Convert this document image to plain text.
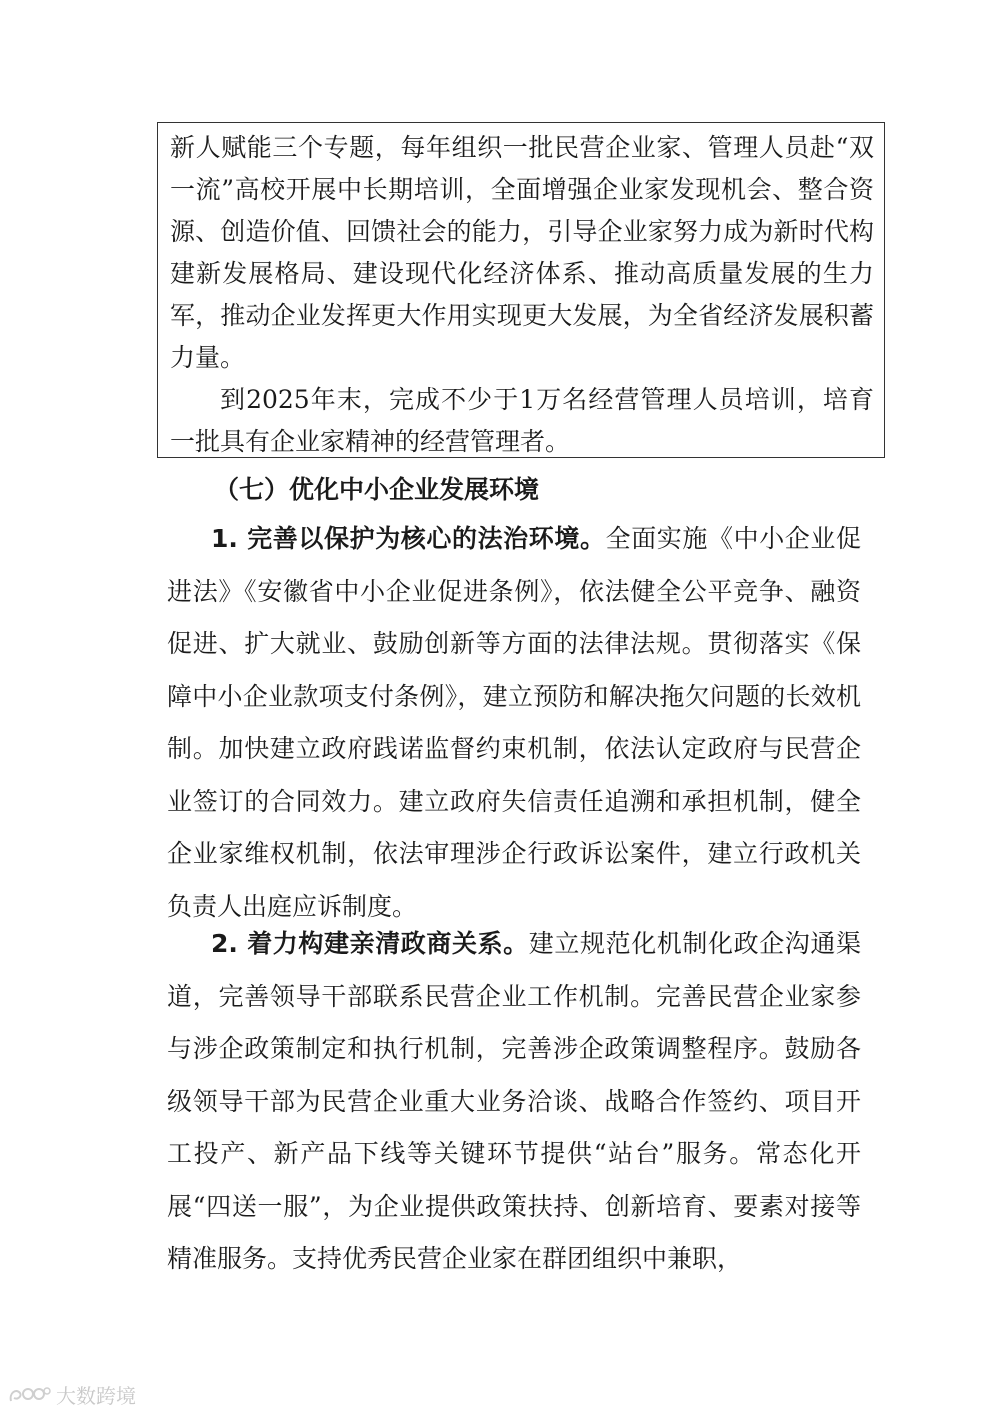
新人赋能三个专题，每年组织一批民营企业家、管理人员赴“双一流”高校开展中长期培训，全面增强企业家发现机会、整合资源、创造价值、回馈社会的能力，引导企业家努力成为新时代构建新发展格局、建设现代化经济体系、推动高质量发展的生力军，推动企业发挥更大作用实现更大发展，为全省经济发展积蓄力量。

到2025年末，完成不少于1万名经营管理人员培训，培育一批具有企业家精神的经营管理者。

（七）优化中小企业发展环境

1. 完善以保护为核心的法治环境。全面实施《中小企业促进法》《安徽省中小企业促进条例》，依法健全公平竞争、融资促进、扩大就业、鼓励创新等方面的法律法规。贯彻落实《保障中小企业款项支付条例》，建立预防和解决拖欠问题的长效机制。加快建立政府践诺监督约束机制，依法认定政府与民营企业签订的合同效力。建立政府失信责任追溯和承担机制，健全企业家维权机制，依法审理涉企行政诉讼案件，建立行政机关负责人出庭应诉制度。

2. 着力构建亲清政商关系。建立规范化机制化政企沟通渠道，完善领导干部联系民营企业工作机制。完善民营企业家参与涉企政策制定和执行机制，完善涉企政策调整程序。鼓励各级领导干部为民营企业重大业务洽谈、战略合作签约、项目开工投产、新产品下线等关键环节提供“站台”服务。常态化开展“四送一服”，为企业提供政策扶持、创新培育、要素对接等精准服务。支持优秀民营企业家在群团组织中兼职，

大数跨境
